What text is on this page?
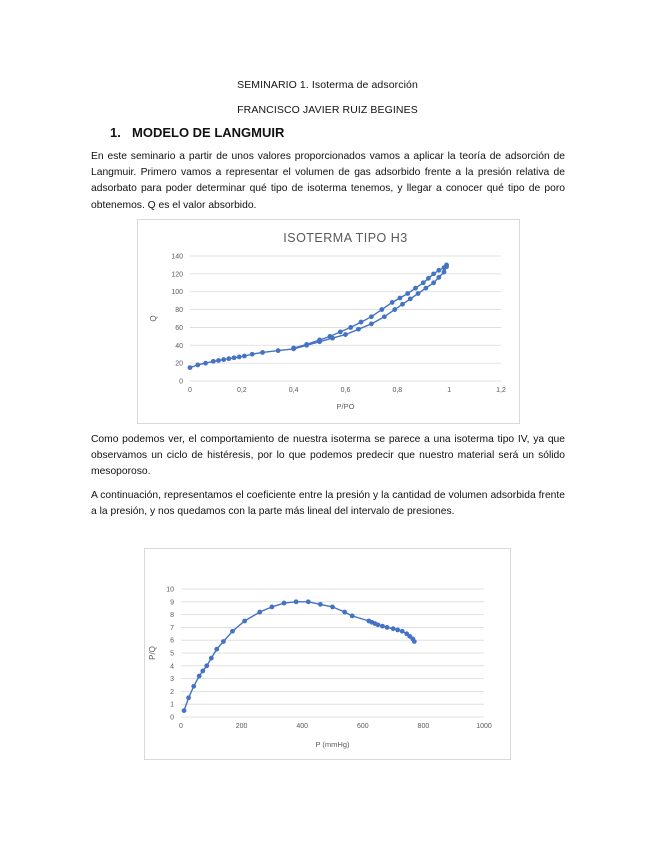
SEMINARIO 1. Isoterma de adsorción
FRANCISCO JAVIER RUIZ BEGINES
1. MODELO DE LANGMUIR
En este seminario a partir de unos valores proporcionados vamos a aplicar la teoría de adsorción de Langmuir. Primero vamos a representar el volumen de gas adsorbido frente a la presión relativa de adsorbato para poder determinar qué tipo de isoterma tenemos, y llegar a conocer qué tipo de poro obtenemos. Q es el valor absorbido.
ISOTERMA TIPO H3
0
20
40
60
80
100
120
140
0	0,2	0,4	0,6	0,8	1	1,2
P/PO
Q
Como podemos ver, el comportamiento de nuestra isoterma se parece a una isoterma tipo IV, ya que observamos un ciclo de histéresis, por lo que podemos predecir que nuestro material será un sólido mesoporoso.
A continuación, representamos el coeficiente entre la presión y la cantidad de volumen adsorbida frente a la presión, y nos quedamos con la parte más lineal del intervalo de presiones.
0
1
2
3
4
5
6
7
8
9
10
0	200	400	600	800	1000
P (mmHg)
P/Q
